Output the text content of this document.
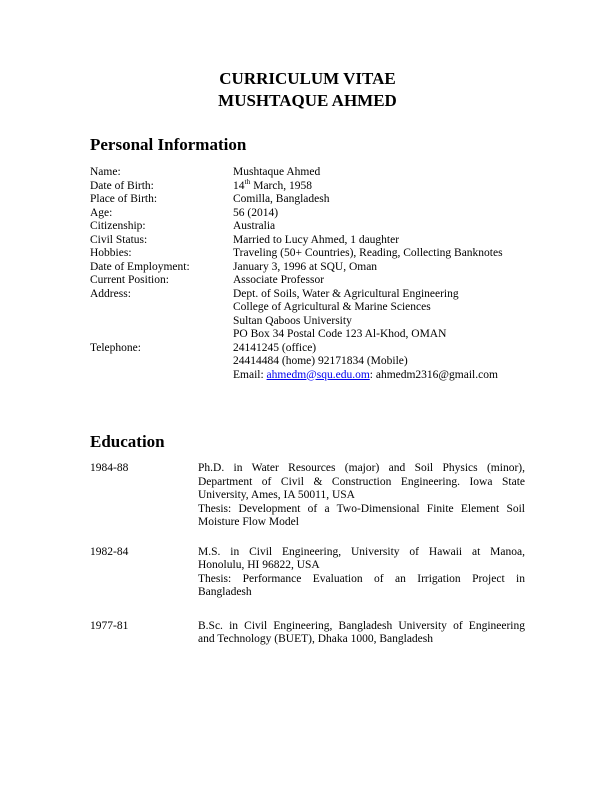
CURRICULUM VITAE
MUSHTAQUE AHMED
Personal Information
Name:	Mushtaque Ahmed
Date of Birth:	14th March, 1958
Place of Birth:	Comilla, Bangladesh
Age:	56 (2014)
Citizenship:	Australia
Civil Status:	Married to Lucy Ahmed, 1 daughter
Hobbies:	Traveling (50+ Countries), Reading, Collecting Banknotes
Date of Employment:	January 3, 1996 at SQU, Oman
Current Position:	Associate Professor
Address:	Dept. of Soils, Water & Agricultural Engineering
College of Agricultural & Marine Sciences
Sultan Qaboos University
PO Box 34 Postal Code 123 Al-Khod, OMAN
Telephone:	24141245 (office)
24414484 (home) 92171834 (Mobile)
Email: ahmedm@squ.edu.om: ahmedm2316@gmail.com
Education
1984-88	Ph.D. in Water Resources (major) and Soil Physics (minor),
Department of Civil & Construction Engineering. Iowa State
University, Ames, IA 50011, USA
Thesis: Development of a Two-Dimensional Finite Element Soil
Moisture Flow Model
1982-84	M.S. in Civil Engineering, University of Hawaii at Manoa,
Honolulu, HI 96822, USA
Thesis: Performance Evaluation of an Irrigation Project in
Bangladesh
1977-81	B.Sc. in Civil Engineering, Bangladesh University of Engineering
and Technology (BUET), Dhaka 1000, Bangladesh
